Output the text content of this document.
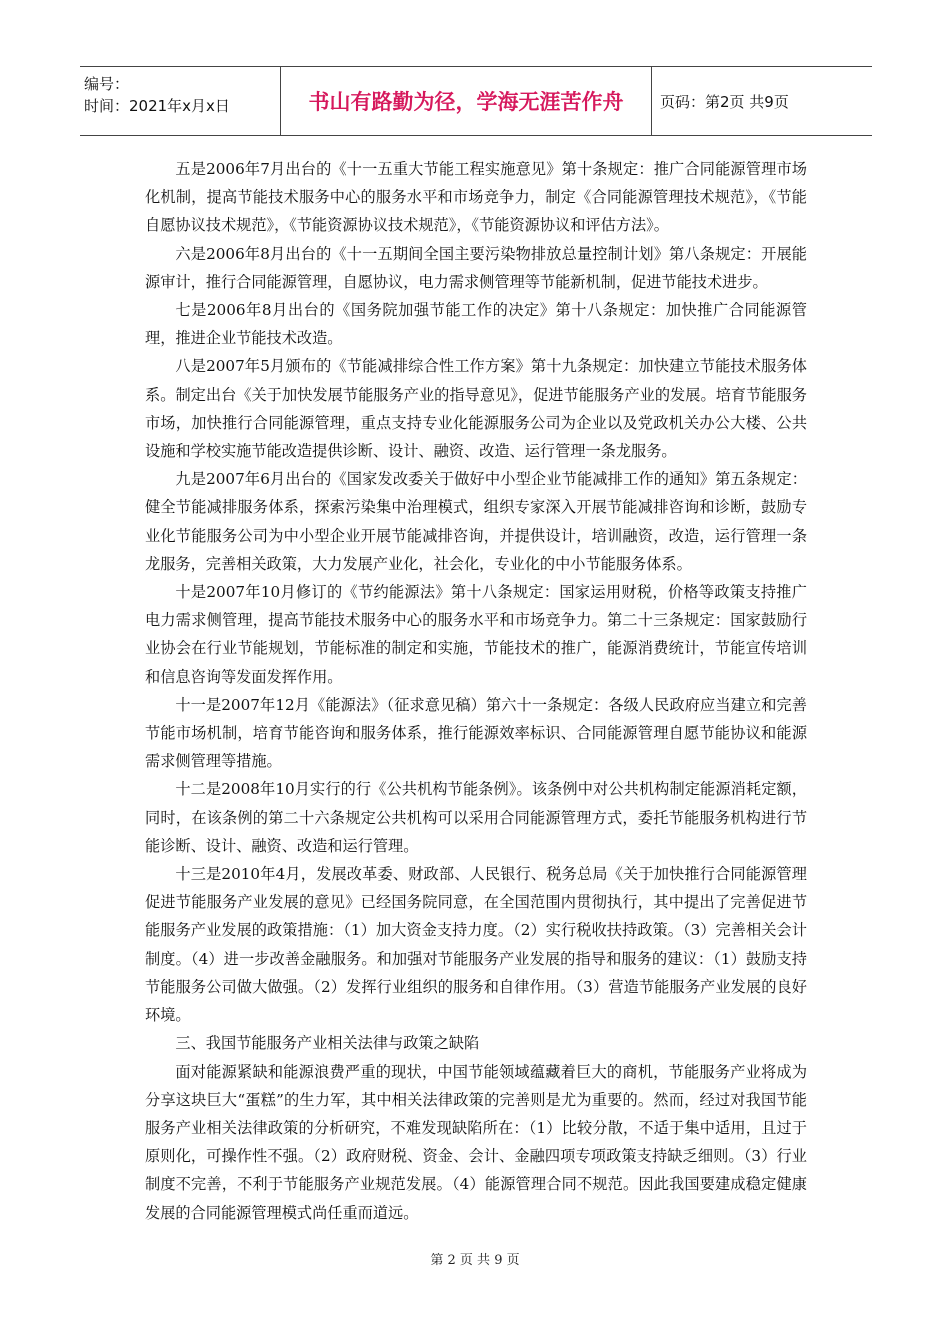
编号：
时间：2021年x月x日	书山有路勤为径，学海无涯苦作舟	页码：第2页 共9页

五是2006年7月出台的《十一五重大节能工程实施意见》第十条规定：推广合同能源管理市场化机制，提高节能技术服务中心的服务水平和市场竞争力，制定《合同能源管理技术规范》，《节能自愿协议技术规范》，《节能资源协议技术规范》，《节能资源协议和评估方法》。

六是2006年8月出台的《十一五期间全国主要污染物排放总量控制计划》第八条规定：开展能源审计，推行合同能源管理，自愿协议，电力需求侧管理等节能新机制，促进节能技术进步。

七是2006年8月出台的《国务院加强节能工作的决定》第十八条规定：加快推广合同能源管理，推进企业节能技术改造。

八是2007年5月颁布的《节能减排综合性工作方案》第十九条规定：加快建立节能技术服务体系。制定出台《关于加快发展节能服务产业的指导意见》，促进节能服务产业的发展。培育节能服务市场，加快推行合同能源管理，重点支持专业化能源服务公司为企业以及党政机关办公大楼、公共设施和学校实施节能改造提供诊断、设计、融资、改造、运行管理一条龙服务。

九是2007年6月出台的《国家发改委关于做好中小型企业节能减排工作的通知》第五条规定：健全节能减排服务体系，探索污染集中治理模式，组织专家深入开展节能减排咨询和诊断，鼓励专业化节能服务公司为中小型企业开展节能减排咨询，并提供设计，培训融资，改造，运行管理一条龙服务，完善相关政策，大力发展产业化，社会化，专业化的中小节能服务体系。

十是2007年10月修订的《节约能源法》第十八条规定：国家运用财税，价格等政策支持推广电力需求侧管理，提高节能技术服务中心的服务水平和市场竞争力。第二十三条规定：国家鼓励行业协会在行业节能规划，节能标准的制定和实施，节能技术的推广，能源消费统计，节能宣传培训和信息咨询等发面发挥作用。

十一是2007年12月《能源法》（征求意见稿）第六十一条规定：各级人民政府应当建立和完善节能市场机制，培育节能咨询和服务体系，推行能源效率标识、合同能源管理自愿节能协议和能源需求侧管理等措施。

十二是2008年10月实行的行《公共机构节能条例》。该条例中对公共机构制定能源消耗定额，同时，在该条例的第二十六条规定公共机构可以采用合同能源管理方式，委托节能服务机构进行节能诊断、设计、融资、改造和运行管理。

十三是2010年4月，发展改革委、财政部、人民银行、税务总局《关于加快推行合同能源管理促进节能服务产业发展的意见》已经国务院同意，在全国范围内贯彻执行，其中提出了完善促进节能服务产业发展的政策措施：（1）加大资金支持力度。（2）实行税收扶持政策。（3）完善相关会计制度。（4）进一步改善金融服务。和加强对节能服务产业发展的指导和服务的建议：（1）鼓励支持节能服务公司做大做强。（2）发挥行业组织的服务和自律作用。（3）营造节能服务产业发展的良好环境。

三、我国节能服务产业相关法律与政策之缺陷

面对能源紧缺和能源浪费严重的现状，中国节能领域蕴藏着巨大的商机，节能服务产业将成为分享这块巨大“蛋糕”的生力军，其中相关法律政策的完善则是尤为重要的。然而，经过对我国节能服务产业相关法律政策的分析研究，不难发现缺陷所在：（1）比较分散，不适于集中适用，且过于原则化，可操作性不强。（2）政府财税、资金、会计、金融四项专项政策支持缺乏细则。（3）行业制度不完善，不利于节能服务产业规范发展。（4）能源管理合同不规范。因此我国要建成稳定健康发展的合同能源管理模式尚任重而道远。

第 2 页 共 9 页
